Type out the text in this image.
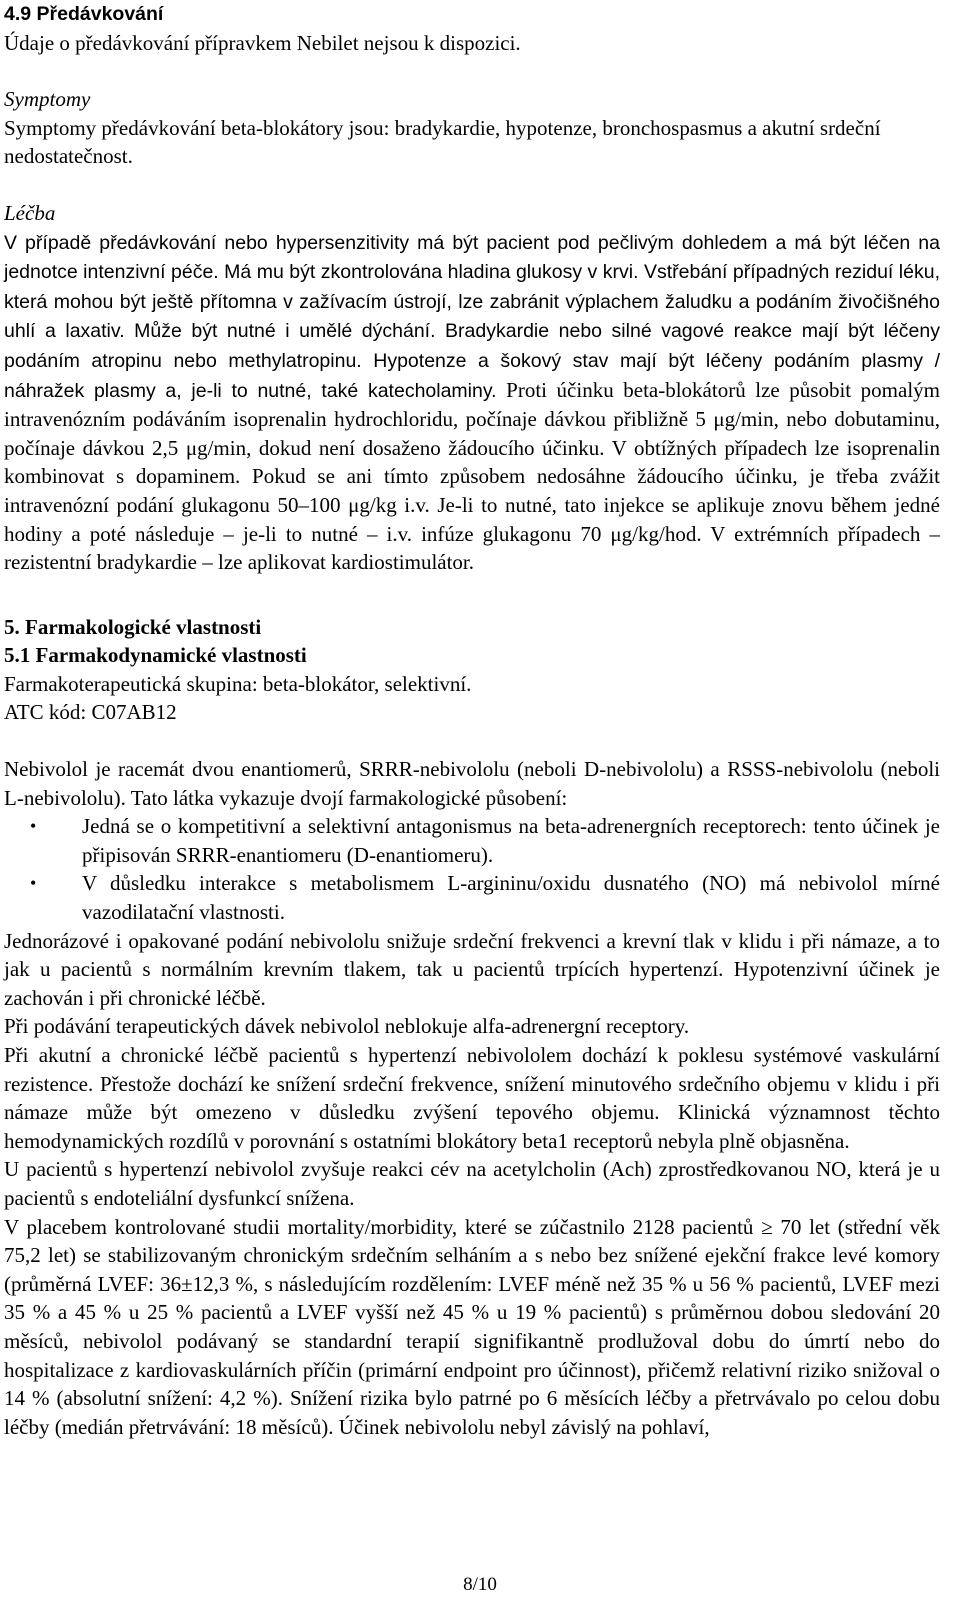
4.9 Předávkování
Údaje o předávkování přípravkem Nebilet nejsou k dispozici.
Symptomy
Symptomy předávkování beta-blokátory jsou: bradykardie, hypotenze, bronchospasmus a akutní srdeční nedostatečnost.
Léčba
V případě předávkování nebo hypersenzitivity má být pacient pod pečlivým dohledem a má být léčen na jednotce intenzivní péče. Má mu být zkontrolována hladina glukosy v krvi. Vstřebání případných reziduí léku, která mohou být ještě přítomna v zažívacím ústrojí, lze zabránit výplachem žaludku a podáním živočišného uhlí a laxativ. Může být nutné i umělé dýchání. Bradykardie nebo silné vagové reakce mají být léčeny podáním atropinu nebo methylatropinu. Hypotenze a šokový stav mají být léčeny podáním plasmy / náhražek plasmy a, je-li to nutné, také katecholaminy. Proti účinku beta-blokátorů lze působit pomalým intravenózním podáváním isoprenalin hydrochloridu, počínaje dávkou přibližně 5 μg/min, nebo dobutaminu, počínaje dávkou 2,5 μg/min, dokud není dosaženo žádoucího účinku. V obtížných případech lze isoprenalin kombinovat s dopaminem. Pokud se ani tímto způsobem nedosáhne žádoucího účinku, je třeba zvážit intravenózní podání glukagonu 50–100 μg/kg i.v. Je-li to nutné, tato injekce se aplikuje znovu během jedné hodiny a poté následuje – je-li to nutné – i.v. infúze glukagonu 70 μg/kg/hod. V extrémních případech – rezistentní bradykardie – lze aplikovat kardiostimulátor.
5. Farmakologické vlastnosti
5.1 Farmakodynamické vlastnosti
Farmakoterapeutická skupina: beta-blokátor, selektivní.
ATC kód: C07AB12
Nebivolol je racemát dvou enantiomerů, SRRR-nebivololu (neboli D-nebivololu) a RSSS-nebivololu (neboli L-nebivololu). Tato látka vykazuje dvojí farmakologické působení:
• Jedná se o kompetitivní a selektivní antagonismus na beta-adrenergních receptorech: tento účinek je připisován SRRR-enantiomeru (D-enantiomeru).
• V důsledku interakce s metabolismem L-argininu/oxidu dusnatého (NO) má nebivolol mírné vazodilatační vlastnosti.
Jednorázové i opakované podání nebivololu snižuje srdeční frekvenci a krevní tlak v klidu i při námaze, a to jak u pacientů s normálním krevním tlakem, tak u pacientů trpících hypertenzí. Hypotenzivní účinek je zachován i při chronické léčbě.
Při podávání terapeutických dávek nebivolol neblokuje alfa-adrenergní receptory.
Při akutní a chronické léčbě pacientů s hypertenzí nebivololem dochází k poklesu systémové vaskulární rezistence. Přestože dochází ke snížení srdeční frekvence, snížení minutového srdečního objemu v klidu i při námaze může být omezeno v důsledku zvýšení tepového objemu. Klinická významnost těchto hemodynamických rozdílů v porovnání s ostatními blokátory beta1 receptorů nebyla plně objasněna.
U pacientů s hypertenzí nebivolol zvyšuje reakci cév na acetylcholin (Ach) zprostředkovanou NO, která je u pacientů s endoteliální dysfunkcí snížena.
V placebem kontrolované studii mortality/morbidity, které se zúčastnilo 2128 pacientů ≥ 70 let (střední věk 75,2 let) se stabilizovaným chronickým srdečním selháním a s nebo bez snížené ejekční frakce levé komory (průměrná LVEF: 36±12,3 %, s následujícím rozdělením: LVEF méně než 35 % u 56 % pacientů, LVEF mezi 35 % a 45 % u 25 % pacientů a LVEF vyšší než 45 % u 19 % pacientů) s průměrnou dobou sledování 20 měsíců, nebivolol podávaný se standardní terapií signifikantně prodlužoval dobu do úmrtí nebo do hospitalizace z kardiovaskulárních příčin (primární endpoint pro účinnost), přičemž relativní riziko snižoval o 14 % (absolutní snížení: 4,2 %). Snížení rizika bylo patrné po 6 měsících léčby a přetrvávalo po celou dobu léčby (medián přetrvávání: 18 měsíců). Účinek nebivololu nebyl závislý na pohlaví,
8/10
